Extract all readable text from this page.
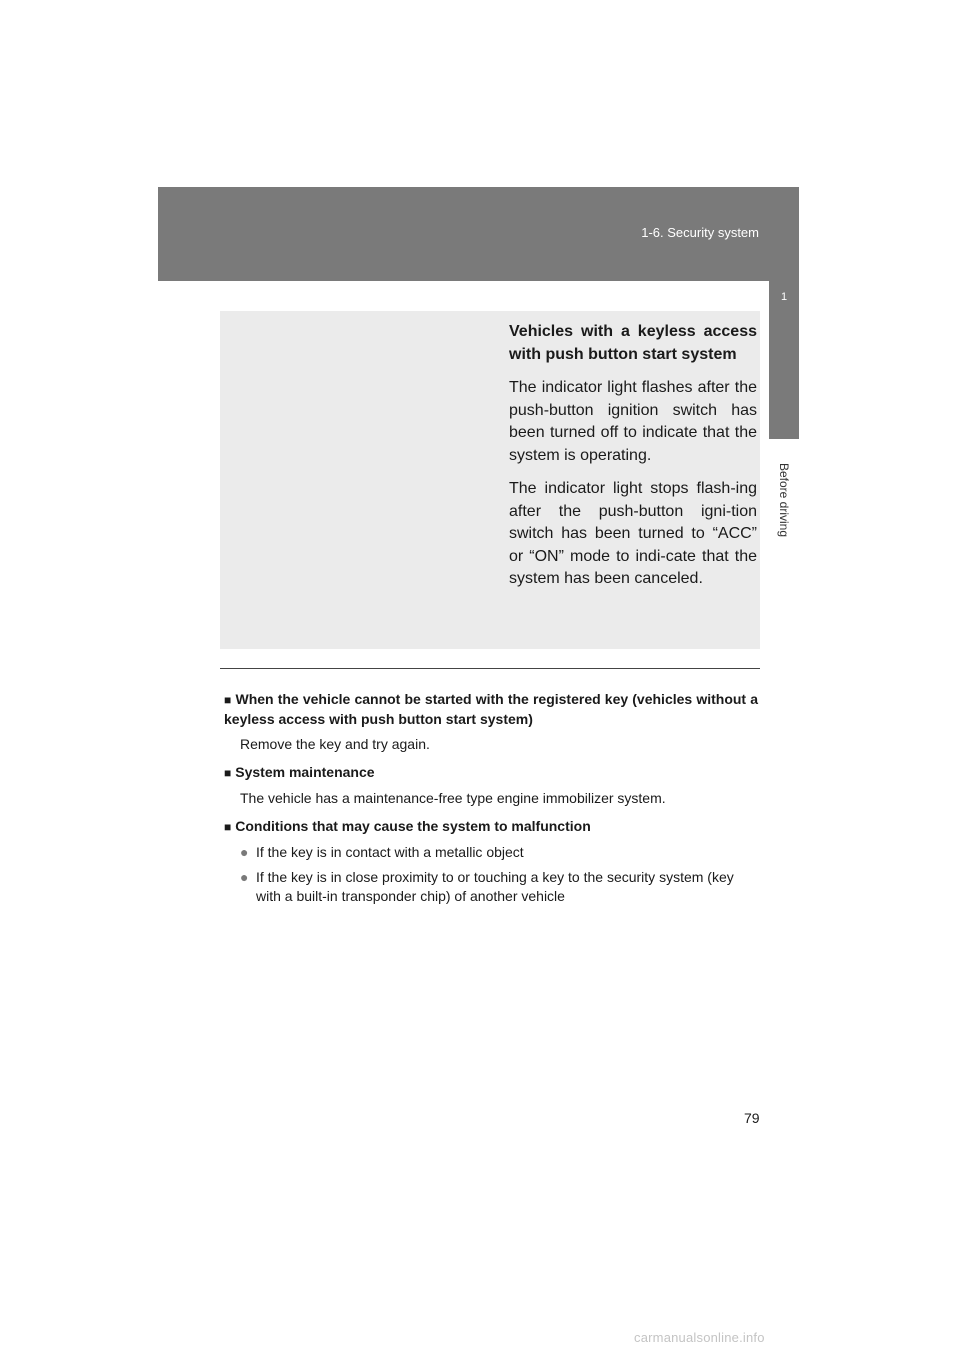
1-6. Security system
1
Before driving

Vehicles with a keyless access with push button start system

The indicator light flashes after the push-button ignition switch has been turned off to indicate that the system is operating.

The indicator light stops flash-ing after the push-button igni-tion switch has been turned to “ACC” or “ON” mode to indi-cate that the system has been canceled.

■ When the vehicle cannot be started with the registered key (vehicles without a keyless access with push button start system)

Remove the key and try again.

■ System maintenance

The vehicle has a maintenance-free type engine immobilizer system.

■ Conditions that may cause the system to malfunction

● If the key is in contact with a metallic object

● If the key is in close proximity to or touching a key to the security system (key with a built-in transponder chip) of another vehicle

79
carmanualsonline.info
